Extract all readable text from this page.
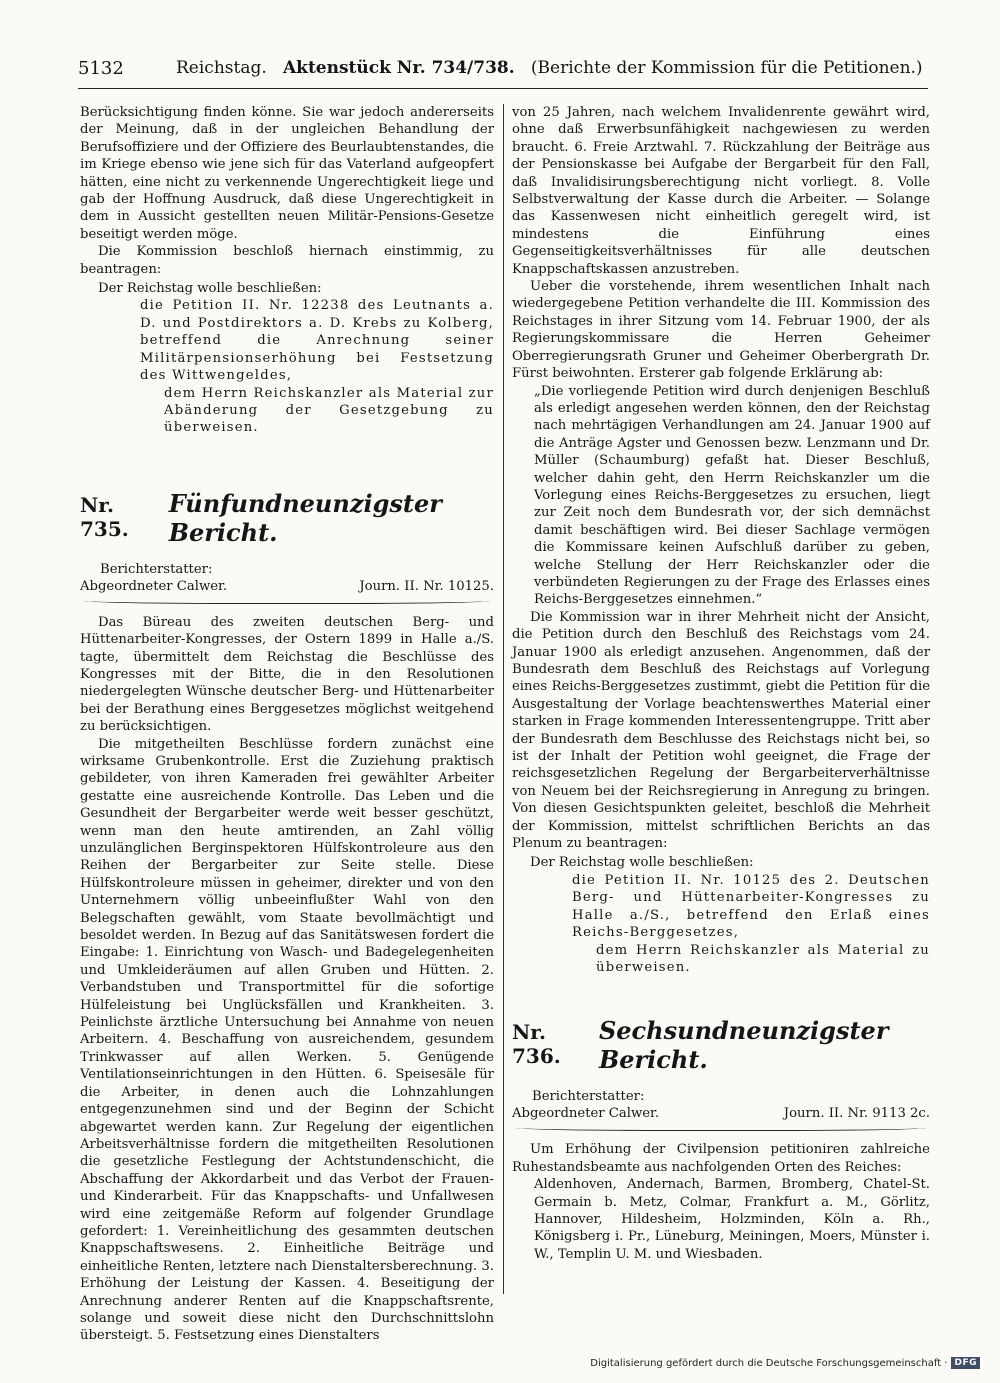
5132	Reichstag. Aktenstück Nr. 734/738. (Berichte der Kommission für die Petitionen.)

Berücksichtigung finden könne. Sie war jedoch andererseits der Meinung, daß in der ungleichen Behandlung der Berufsoffiziere und der Offiziere des Beurlaubtenstandes, die im Kriege ebenso wie jene sich für das Vaterland aufgeopfert hätten, eine nicht zu verkennende Ungerechtigkeit liege und gab der Hoffnung Ausdruck, daß diese Ungerechtigkeit in dem in Aussicht gestellten neuen Militär-Pensions-Gesetze beseitigt werden möge.

Die Kommission beschloß hiernach einstimmig, zu beantragen:

Der Reichstag wolle beschließen:

die Petition II. Nr. 12238 des Leutnants a. D. und Postdirektors a. D. Krebs zu Kolberg, betreffend die Anrechnung seiner Militärpensionserhöhung bei Festsetzung des Wittwengeldes,

dem Herrn Reichskanzler als Material zur Abänderung der Gesetzgebung zu überweisen.

Nr. 735.
Fünfundneunzigster Bericht.

Berichterstatter:

Abgeordneter Calwer.	Journ. II. Nr. 10125.

Das Büreau des zweiten deutschen Berg- und Hüttenarbeiter-Kongresses, der Ostern 1899 in Halle a./S. tagte, übermittelt dem Reichstag die Beschlüsse des Kongresses mit der Bitte, die in den Resolutionen niedergelegten Wünsche deutscher Berg- und Hüttenarbeiter bei der Berathung eines Berggesetzes möglichst weitgehend zu berücksichtigen.

Die mitgetheilten Beschlüsse fordern zunächst eine wirksame Grubenkontrolle. Erst die Zuziehung praktisch gebildeter, von ihren Kameraden frei gewählter Arbeiter gestatte eine ausreichende Kontrolle. Das Leben und die Gesundheit der Bergarbeiter werde weit besser geschützt, wenn man den heute amtirenden, an Zahl völlig unzulänglichen Berginspektoren Hülfskontroleure aus den Reihen der Bergarbeiter zur Seite stelle. Diese Hülfskontroleure müssen in geheimer, direkter und von den Unternehmern völlig unbeeinflußter Wahl von den Belegschaften gewählt, vom Staate bevollmächtigt und besoldet werden. In Bezug auf das Sanitätswesen fordert die Eingabe: 1. Einrichtung von Wasch- und Badegelegenheiten und Umkleideräumen auf allen Gruben und Hütten. 2. Verbandstuben und Transportmittel für die sofortige Hülfeleistung bei Unglücksfällen und Krankheiten. 3. Peinlichste ärztliche Untersuchung bei Annahme von neuen Arbeitern. 4. Beschaffung von ausreichendem, gesundem Trinkwasser auf allen Werken. 5. Genügende Ventilationseinrichtungen in den Hütten. 6. Speisesäle für die Arbeiter, in denen auch die Lohnzahlungen entgegenzunehmen sind und der Beginn der Schicht abgewartet werden kann. Zur Regelung der eigentlichen Arbeitsverhältnisse fordern die mitgetheilten Resolutionen die gesetzliche Festlegung der Achtstundenschicht, die Abschaffung der Akkordarbeit und das Verbot der Frauen- und Kinderarbeit. Für das Knappschafts- und Unfallwesen wird eine zeitgemäße Reform auf folgender Grundlage gefordert: 1. Vereinheitlichung des gesammten deutschen Knappschaftswesens. 2. Einheitliche Beiträge und einheitliche Renten, letztere nach Dienstaltersberechnung. 3. Erhöhung der Leistung der Kassen. 4. Beseitigung der Anrechnung anderer Renten auf die Knappschaftsrente, solange und soweit diese nicht den Durchschnittslohn übersteigt. 5. Festsetzung eines Dienstalters

von 25 Jahren, nach welchem Invalidenrente gewährt wird, ohne daß Erwerbsunfähigkeit nachgewiesen zu werden braucht. 6. Freie Arztwahl. 7. Rückzahlung der Beiträge aus der Pensionskasse bei Aufgabe der Bergarbeit für den Fall, daß Invalidisirungsberechtigung nicht vorliegt. 8. Volle Selbstverwaltung der Kasse durch die Arbeiter. — Solange das Kassenwesen nicht einheitlich geregelt wird, ist mindestens die Einführung eines Gegenseitigkeitsverhältnisses für alle deutschen Knappschaftskassen anzustreben.

Ueber die vorstehende, ihrem wesentlichen Inhalt nach wiedergegebene Petition verhandelte die III. Kommission des Reichstages in ihrer Sitzung vom 14. Februar 1900, der als Regierungskommissare die Herren Geheimer Oberregierungsrath Gruner und Geheimer Oberbergrath Dr. Fürst beiwohnten. Ersterer gab folgende Erklärung ab:

„Die vorliegende Petition wird durch denjenigen Beschluß als erledigt angesehen werden können, den der Reichstag nach mehrtägigen Verhandlungen am 24. Januar 1900 auf die Anträge Agster und Genossen bezw. Lenzmann und Dr. Müller (Schaumburg) gefaßt hat. Dieser Beschluß, welcher dahin geht, den Herrn Reichskanzler um die Vorlegung eines Reichs-Berggesetzes zu ersuchen, liegt zur Zeit noch dem Bundesrath vor, der sich demnächst damit beschäftigen wird. Bei dieser Sachlage vermögen die Kommissare keinen Aufschluß darüber zu geben, welche Stellung der Herr Reichskanzler oder die verbündeten Regierungen zu der Frage des Erlasses eines Reichs-Berggesetzes einnehmen.“

Die Kommission war in ihrer Mehrheit nicht der Ansicht, die Petition durch den Beschluß des Reichstags vom 24. Januar 1900 als erledigt anzusehen. Angenommen, daß der Bundesrath dem Beschluß des Reichstags auf Vorlegung eines Reichs-Berggesetzes zustimmt, giebt die Petition für die Ausgestaltung der Vorlage beachtenswerthes Material einer starken in Frage kommenden Interessentengruppe. Tritt aber der Bundesrath dem Beschlusse des Reichstags nicht bei, so ist der Inhalt der Petition wohl geeignet, die Frage der reichsgesetzlichen Regelung der Bergarbeiterverhältnisse von Neuem bei der Reichsregierung in Anregung zu bringen. Von diesen Gesichtspunkten geleitet, beschloß die Mehrheit der Kommission, mittelst schriftlichen Berichts an das Plenum zu beantragen:

Der Reichstag wolle beschließen:

die Petition II. Nr. 10125 des 2. Deutschen Berg- und Hüttenarbeiter-Kongresses zu Halle a./S., betreffend den Erlaß eines Reichs-Berggesetzes,

dem Herrn Reichskanzler als Material zu überweisen.

Nr. 736.
Sechsundneunzigster Bericht.

Berichterstatter:

Abgeordneter Calwer.	Journ. II. Nr. 9113 2c.

Um Erhöhung der Civilpension petitioniren zahlreiche Ruhestandsbeamte aus nachfolgenden Orten des Reiches:

Aldenhoven, Andernach, Barmen, Bromberg, Chatel-St. Germain b. Metz, Colmar, Frankfurt a. M., Görlitz, Hannover, Hildesheim, Holzminden, Köln a. Rh., Königsberg i. Pr., Lüneburg, Meiningen, Moers, Münster i. W., Templin U. M. und Wiesbaden.

Digitalisierung gefördert durch die Deutsche Forschungsgemeinschaft · DFG
